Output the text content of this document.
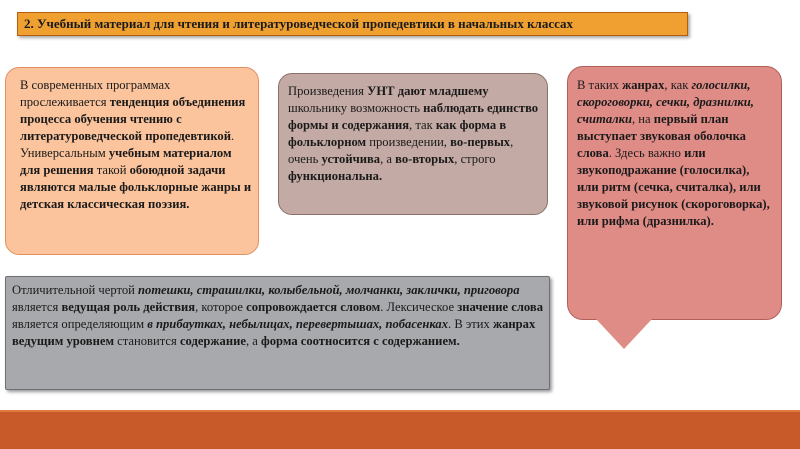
2. Учебный материал для чтения и литературоведческой пропедевтики в начальных классах
В современных программах прослеживается тенденция объединения процесса обучения чтению с литературоведческой пропедевтикой. Универсальным учебным материалом для решения такой обоюдной задачи являются малые фольклорные жанры и детская классическая поэзия.
Произведения УНТ дают младшему школьнику возможность наблюдать единство формы и содержания, так как форма в фольклорном произведении, во-первых, очень устойчива, а во-вторых, строго функциональна.
В таких жанрах, как голосилки, скороговорки, сечки, дразнилки, считалки, на первый план выступает звуковая оболочка слова. Здесь важно или звукоподражание (голосилка), или ритм (сечка, считалка), или звуковой рисунок (скороговорка), или рифма (дразнилка).
Отличительной чертой потешки, страшилки, колыбельной, молчанки, заклички, приговора является ведущая роль действия, которое сопровождается словом. Лексическое значение слова является определяющим в прибаутках, небылицах, перевертышах, побасенках. В этих жанрах ведущим уровнем становится содержание, а форма соотносится с содержанием.
